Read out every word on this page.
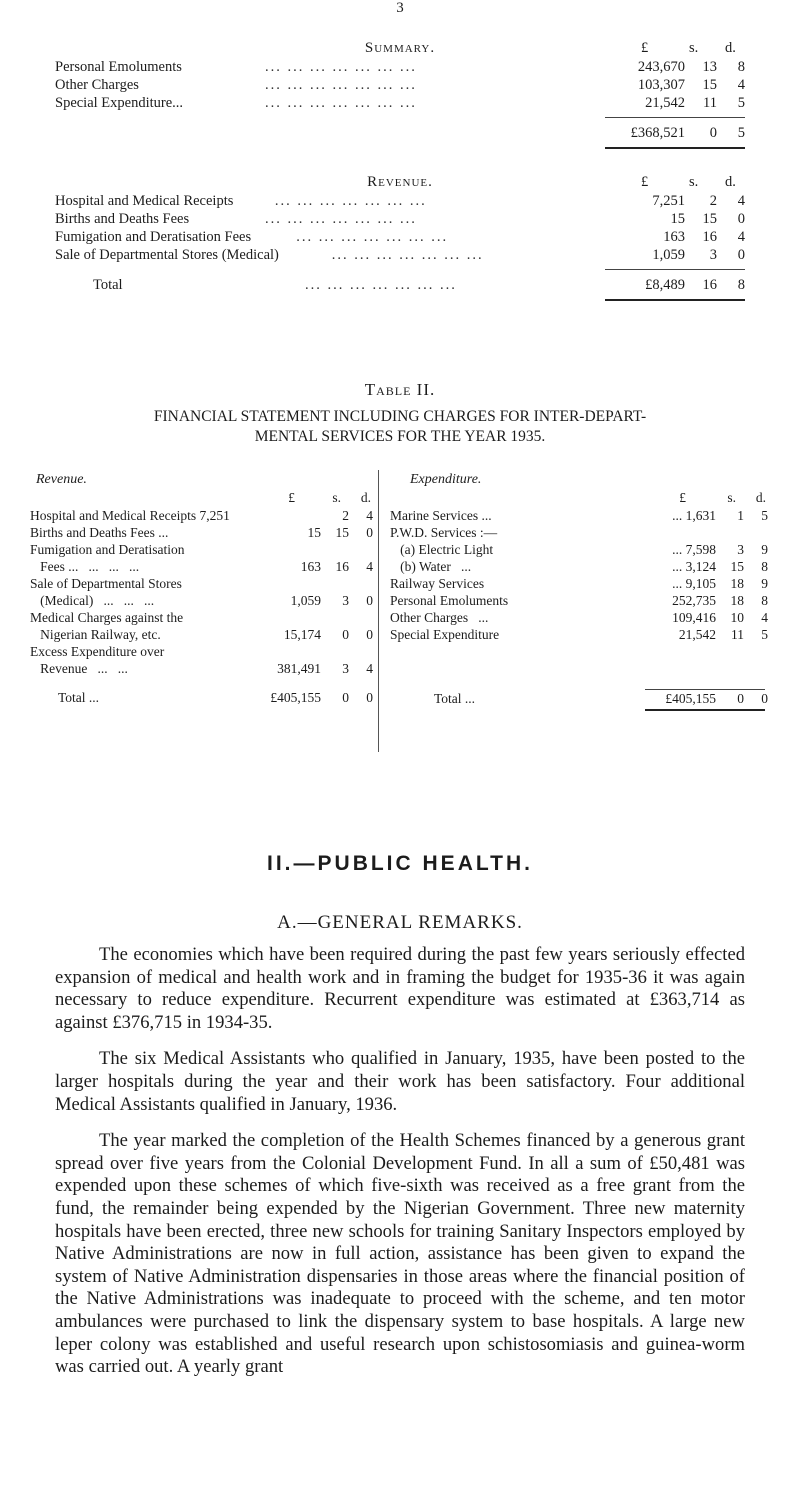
3
Summary.	£	s. d.
Personal Emoluments	... ... ... ... ... ... ...	243,670	13	8
Other Charges	... ... ... ... ... ... ...	103,307	15	4
Special Expenditure...	... ... ... ... ... ... ...	21,542	11	5
£368,521	0	5
Revenue.	£	s. d.
Hospital and Medical Receipts	... ... ... ... ... ... ...	7,251	2	4
Births and Deaths Fees	... ... ... ... ... ... ...	15	15	0
Fumigation and Deratisation Fees	... ... ... ... ... ... ...	163	16	4
Sale of Departmental Stores (Medical)	... ... ... ... ... ... ...	1,059	3	0
Total	... ... ... ... ... ... ...	£8,489	16	8
Table II.
FINANCIAL STATEMENT INCLUDING CHARGES FOR INTER-DEPART-
MENTAL SERVICES FOR THE YEAR 1935.
Revenue.
£	s. d.
Hospital and Medical Receipts 7,251	2	4
Births and Deaths Fees ...	15	15	0
Fumigation and Deratisation
Fees ...   ...   ...   ...	163	16	4
Sale of Departmental Stores
(Medical)   ...   ...   ...	1,059	3	0
Medical Charges against the
Nigerian Railway, etc.	15,174	0	0
Excess Expenditure over
Revenue   ...   ...	381,491	3	4
Total ...	£405,155	0	0
Expenditure.
£	s. d.
Marine Services ...	... 1,631	1	5
P.W.D. Services :—
(a) Electric Light	... 7,598	3	9
(b) Water   ...	... 3,124	15	8
Railway Services	... 9,105	18	9
Personal Emoluments	252,735	18	8
Other Charges   ...	109,416	10	4
Special Expenditure	21,542	11	5
Total ...	£405,155	0	0
II.—PUBLIC HEALTH.
A.—GENERAL REMARKS.

The economies which have been required during the past few years seriously effected expansion of medical and health work and in framing the budget for 1935-36 it was again necessary to reduce expenditure. Recurrent expenditure was estimated at £363,714 as against £376,715 in 1934-35.

The six Medical Assistants who qualified in January, 1935, have been posted to the larger hospitals during the year and their work has been satisfactory. Four additional Medical Assistants qualified in January, 1936.

The year marked the completion of the Health Schemes financed by a generous grant spread over five years from the Colonial Development Fund. In all a sum of £50,481 was expended upon these schemes of which five-sixth was received as a free grant from the fund, the remainder being expended by the Nigerian Government. Three new maternity hospitals have been erected, three new schools for training Sanitary Inspectors employed by Native Administrations are now in full action, assistance has been given to expand the system of Native Administration dispensaries in those areas where the financial position of the Native Administrations was inadequate to proceed with the scheme, and ten motor ambulances were purchased to link the dispensary system to base hospitals. A large new leper colony was established and useful research upon schistosomiasis and guinea-worm was carried out. A yearly grant
